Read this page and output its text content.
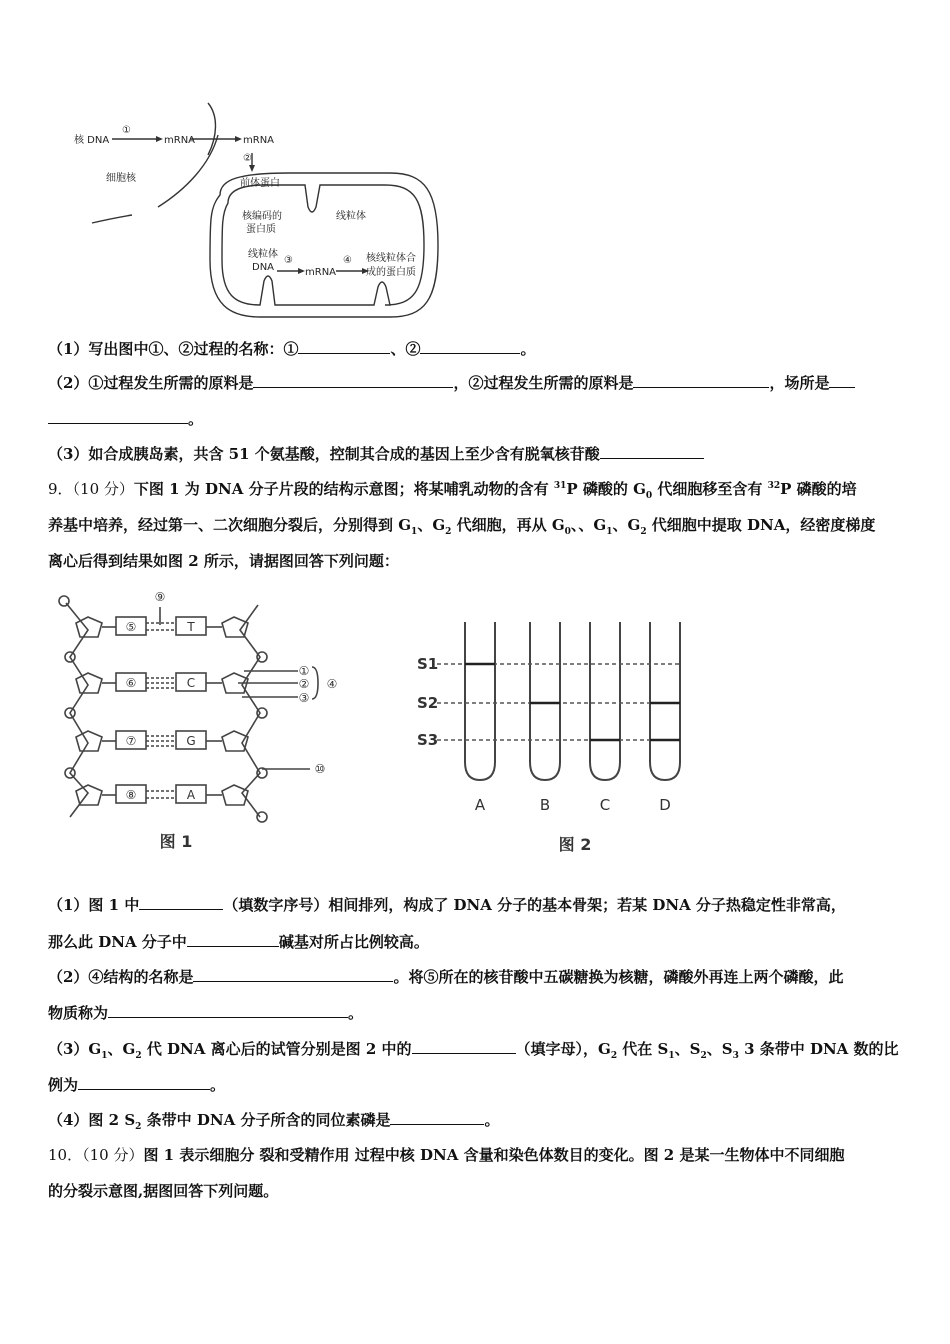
核 DNA
①
mRNA	mRNA
细胞核
②
前体蛋白
核编码的
蛋白质
线粒体
线粒体
DNA
③
mRNA
④ 核线粒体合
成的蛋白质
（1）写出图中①、②过程的名称：①	、②	。
（2）①过程发生所需的原料是	，②过程发生所需的原料是	，场所是
。
（3）如合成胰岛素，共含 51 个氨基酸，控制其合成的基因上至少含有脱氧核苷酸
9．（10 分）下图 1 为 DNA 分子片段的结构示意图；将某哺乳动物的含有 $^{31}$P 磷酸的 $G_0$ 代细胞移至含有 $^{32}$P 磷酸的培
养基中培养，经过第一、二次细胞分裂后，分别得到 $G_1$、$G_2$ 代细胞，再从 $G_0$、、$G_1$、$G_2$ 代细胞中提取 DNA，经密度梯度
离心后得到结果如图 2 所示，请据图回答下列问题：
⑤	T
⑥	C
⑦	G
⑧	A
⑨
①
②
③
④
⑩
图 1
S1
S2
S3
A	B	C	D
图 2
（1）图 1 中	（填数字序号）相间排列，构成了 DNA 分子的基本骨架；若某 DNA 分子热稳定性非常高，
那么此 DNA 分子中	碱基对所占比例较高。
（2）④结构的名称是	。将⑤所在的核苷酸中五碳糖换为核糖，磷酸外再连上两个磷酸，此
物质称为	。
$(3)G_1$、$G_2$ 代 DNA 离心后的试管分别是图 2 中的	（填字母），$G_2$ 代在 $S_1$、$S_2$、$S_3$ 3 条带中 DNA 数的比
例为	。
（4）图 2 $S_2$ 条带中 DNA 分子所含的同位素磷是	。
10．（10 分）图 1 表示细胞分 裂和受精作用 过程中核 DNA 含量和染色体数目的变化。图 2 是某一生物体中不同细胞
的分裂示意图,据图回答下列问题。
